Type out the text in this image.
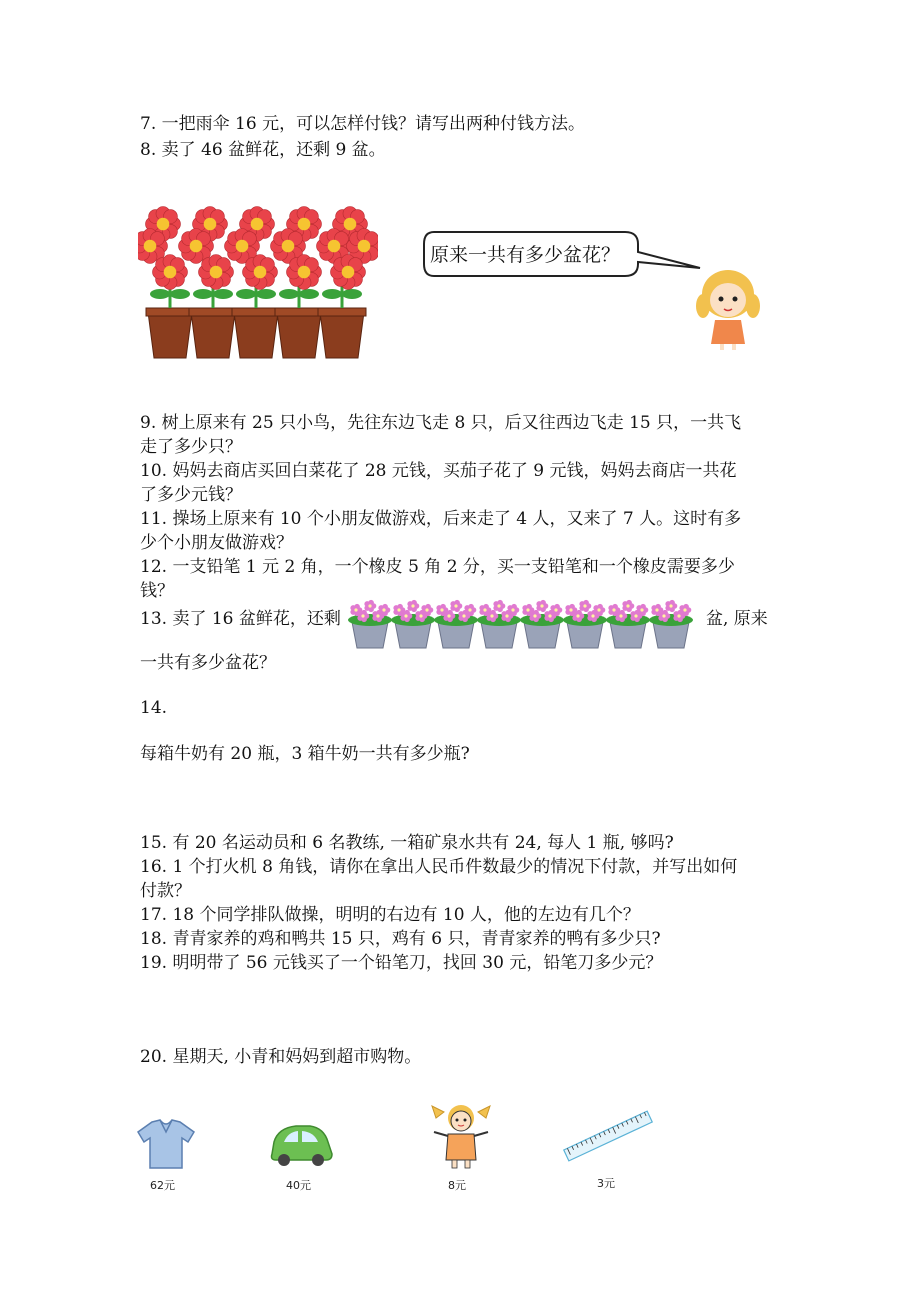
7. 一把雨伞 16 元，可以怎样付钱？请写出两种付钱方法。
8. 卖了 46 盆鲜花，还剩 9 盆。
原来一共有多少盆花？
9. 树上原来有 25 只小鸟，先往东边飞走 8 只，后又往西边飞走 15 只，一共飞
走了多少只？
10. 妈妈去商店买回白菜花了 28 元钱，买茄子花了 9 元钱，妈妈去商店一共花
了多少元钱？
11. 操场上原来有 10 个小朋友做游戏，后来走了 4 人，又来了 7 人。这时有多
少个小朋友做游戏？
12. 一支铅笔 1 元 2 角，一个橡皮 5 角 2 分，买一支铅笔和一个橡皮需要多少
钱？
13. 卖了 16 盆鲜花，还剩	盆, 原来
一共有多少盆花？
14.
每箱牛奶有 20 瓶，3 箱牛奶一共有多少瓶?
15. 有 20 名运动员和 6 名教练, 一箱矿泉水共有 24, 每人 1 瓶, 够吗?
16. 1 个打火机 8 角钱，请你在拿出人民币件数最少的情况下付款，并写出如何
付款？
17. 18 个同学排队做操，明明的右边有 10 人，他的左边有几个？
18. 青青家养的鸡和鸭共 15 只，鸡有 6 只，青青家养的鸭有多少只?
19. 明明带了 56 元钱买了一个铅笔刀，找回 30 元，铅笔刀多少元？
20. 星期天, 小青和妈妈到超市购物。
62元	40元	8元	3元
